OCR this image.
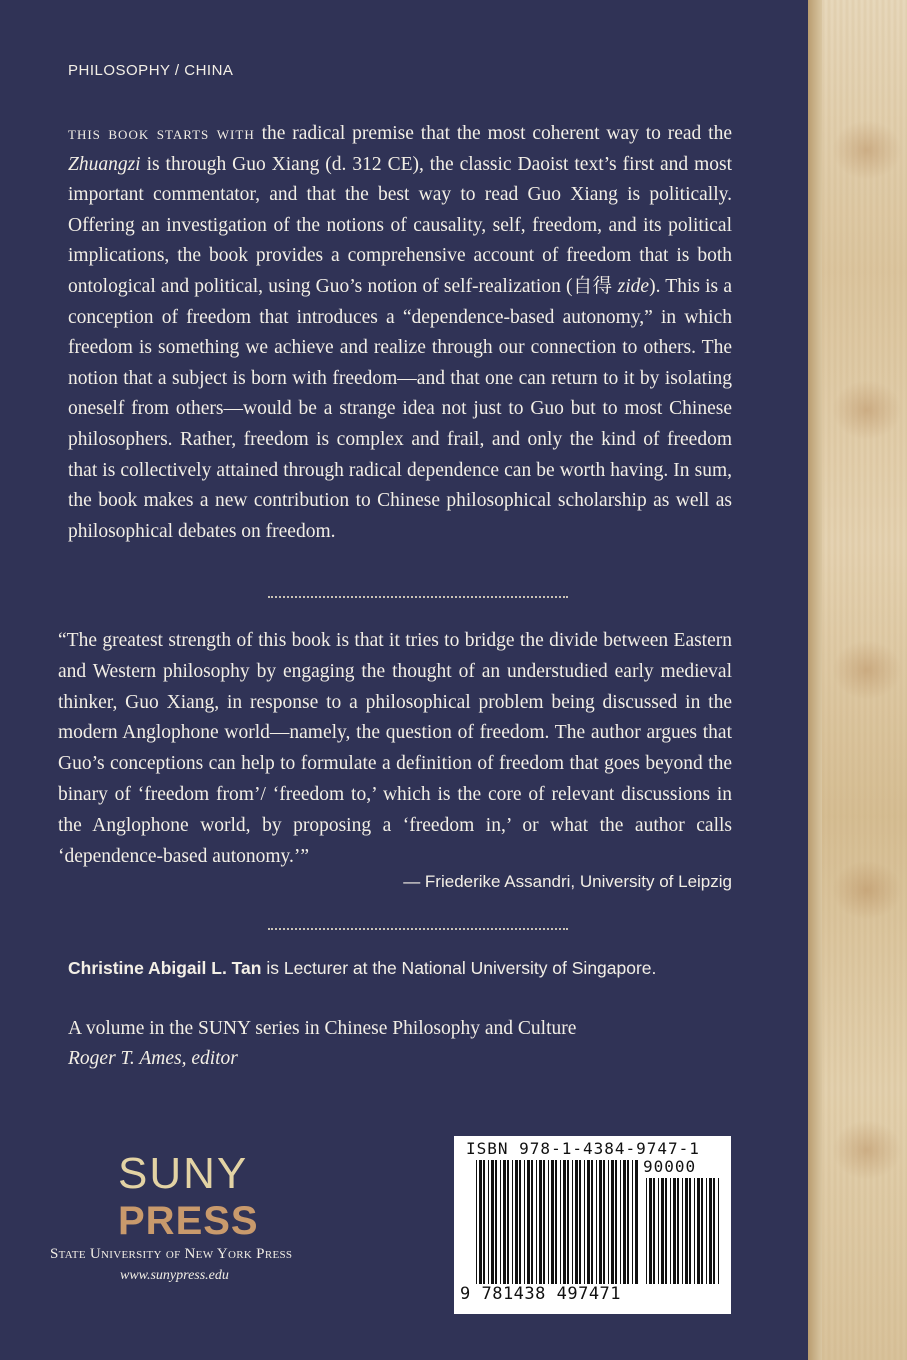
PHILOSOPHY / CHINA
this book starts with the radical premise that the most coherent way to read the Zhuangzi is through Guo Xiang (d. 312 CE), the classic Daoist text’s first and most important commentator, and that the best way to read Guo Xiang is politically. Offering an investigation of the notions of causality, self, freedom, and its political implications, the book provides a comprehensive account of freedom that is both ontological and political, using Guo’s notion of self-realization (自得 zide). This is a conception of freedom that introduces a “dependence-based autonomy,” in which freedom is something we achieve and realize through our connection to others. The notion that a subject is born with freedom—and that one can return to it by isolating oneself from others—would be a strange idea not just to Guo but to most Chinese philosophers. Rather, freedom is complex and frail, and only the kind of freedom that is collectively attained through radical dependence can be worth having. In sum, the book makes a new contribution to Chinese philosophical scholarship as well as philosophical debates on freedom.
“The greatest strength of this book is that it tries to bridge the divide between Eastern and Western philosophy by engaging the thought of an understudied early medieval thinker, Guo Xiang, in response to a philosophical problem being discussed in the modern Anglophone world—namely, the question of freedom. The author argues that Guo’s conceptions can help to formulate a definition of freedom that goes beyond the binary of ‘freedom from’/ ‘freedom to,’ which is the core of relevant discussions in the Anglophone world, by proposing a ‘freedom in,’ or what the author calls ‘dependence-based autonomy.’”
— Friederike Assandri, University of Leipzig
Christine Abigail L. Tan is Lecturer at the National University of Singapore.
A volume in the SUNY series in Chinese Philosophy and Culture
Roger T. Ames, editor
SUNY
PRESS
State University of New York Press
www.sunypress.edu
ISBN 978-1-4384-9747-1
90000
9 781438 497471
